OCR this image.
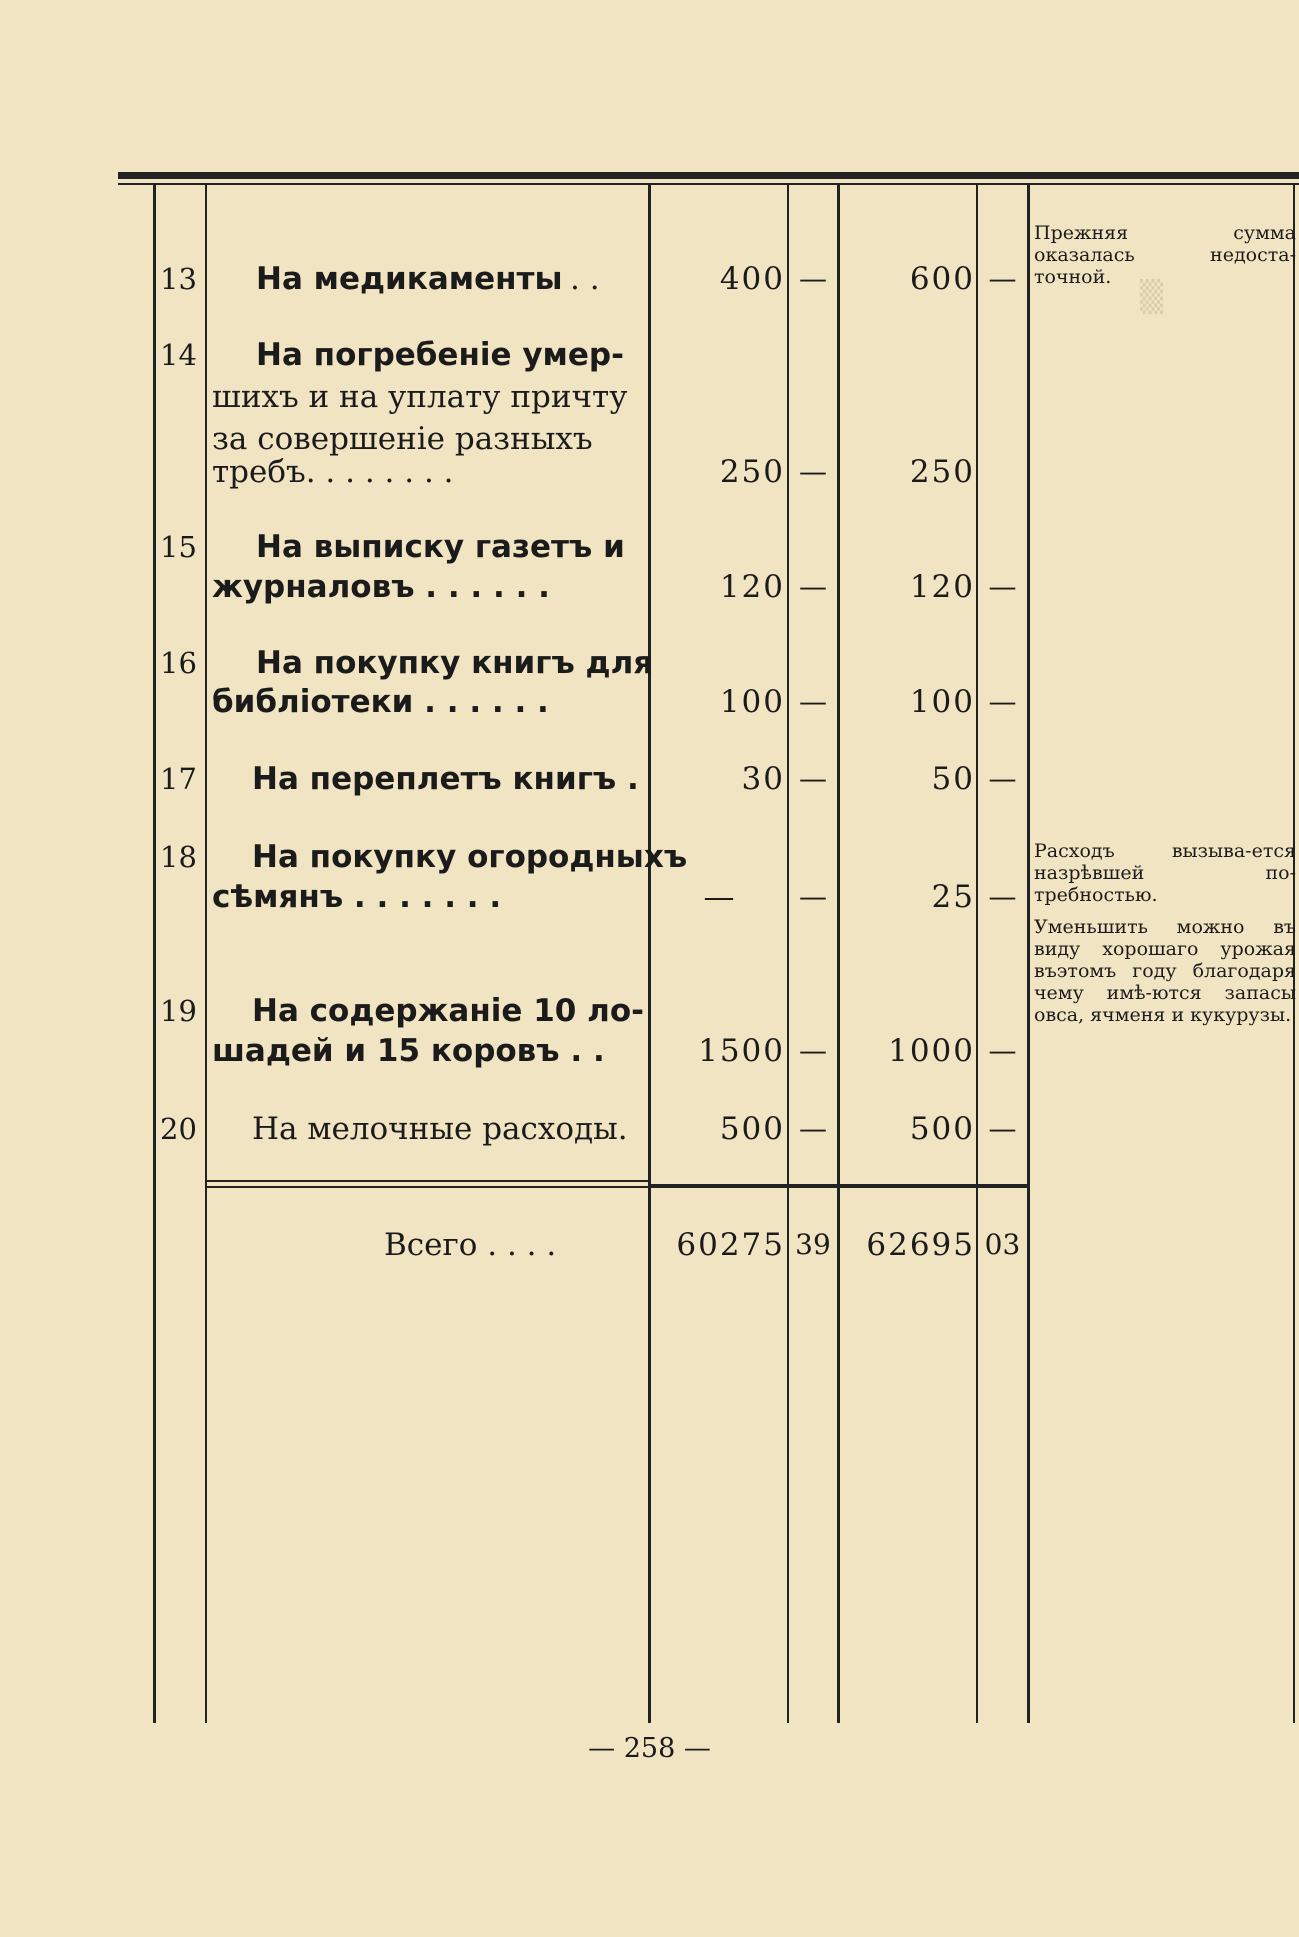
▒
13 На медикаменты . .	400 —	600 —
14 На погребеніе умер-
шихъ и на уплату причту
за совершеніе разныхъ
требъ. . . . . . . .	250 —	250
15 На выписку газетъ и
журналовъ . . . . . .	120 —	120 —
16 На покупку книгъ для
библіотеки . . . . . .	100 —	100 —
17 На переплетъ книгъ .	30 —	50 —
18 На покупку огородныхъ
сѣмянъ . . . . . . .	—	—	25 —
19 На содержаніе 10 ло-
шадей и 15 коровъ . .	1500 —	1000 —
20 На мелочные расходы.	500 —	500 —
Всего . . . .	60275 39	62695 03
Прежняя сумма оказалась недоста-точной.
Расходъ вызыва-ется назрѣвшей по-требностью.
Уменьшить можно въ виду хорошаго урожая въэтомъ году благодаря чему имѣ-ются запасы овса, ячменя и кукурузы.
— 258 —
